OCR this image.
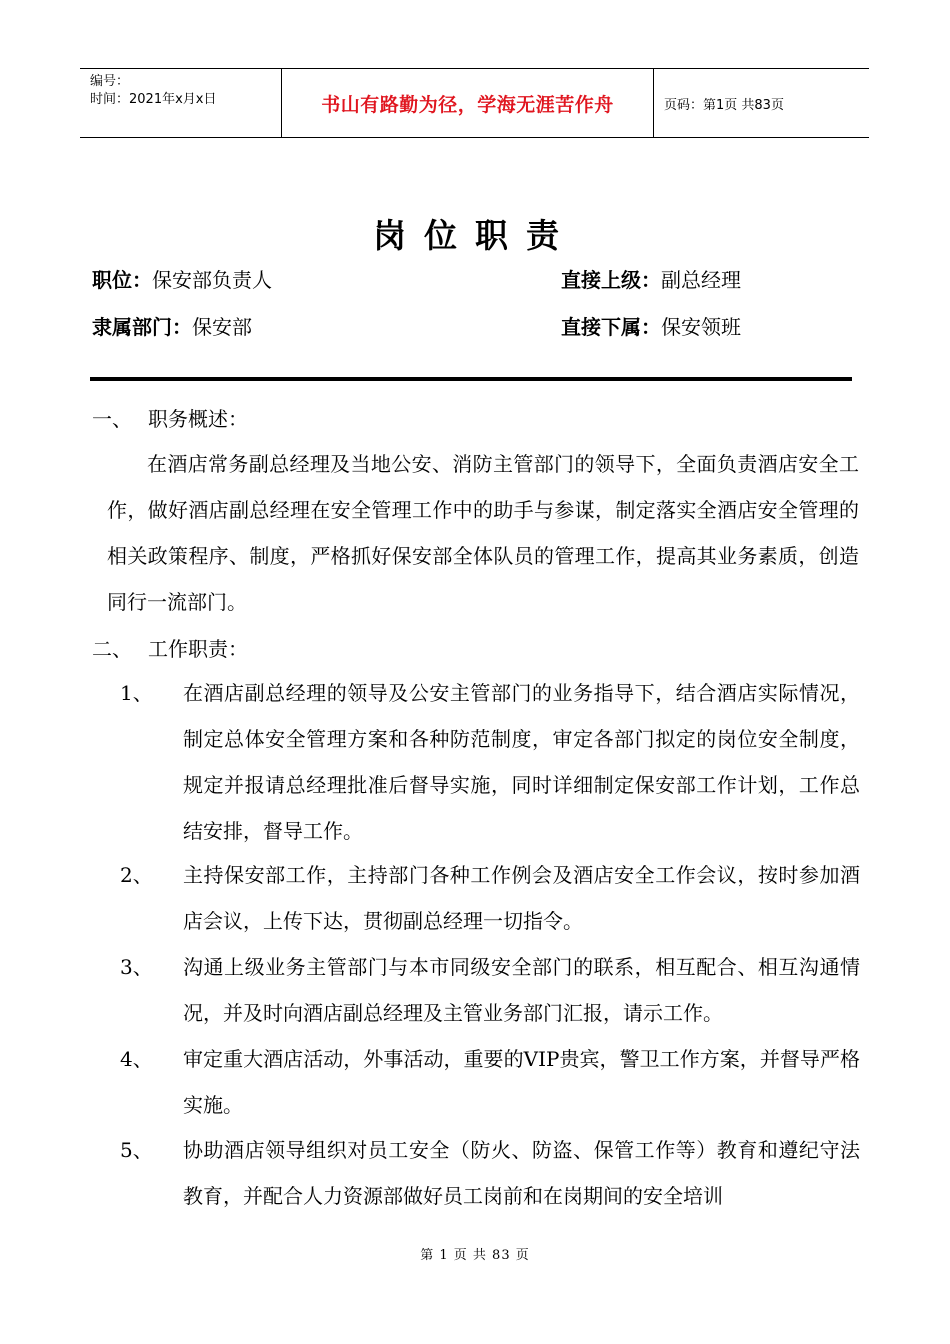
编号：
时间：2021年x月x日	书山有路勤为径，学海无涯苦作舟	页码：第1页 共83页
岗位职责
职位：保安部负责人	直接上级：副总经理
隶属部门：保安部	直接下属：保安领班
一、 职务概述：
在酒店常务副总经理及当地公安、消防主管部门的领导下，全面负责酒店安全工作，做好酒店副总经理在安全管理工作中的助手与参谋，制定落实全酒店安全管理的相关政策程序、制度，严格抓好保安部全体队员的管理工作，提高其业务素质，创造同行一流部门。
二、 工作职责：
1、	在酒店副总经理的领导及公安主管部门的业务指导下，结合酒店实际情况，制定总体安全管理方案和各种防范制度，审定各部门拟定的岗位安全制度，规定并报请总经理批准后督导实施，同时详细制定保安部工作计划，工作总结安排，督导工作。
2、	主持保安部工作，主持部门各种工作例会及酒店安全工作会议，按时参加酒店会议，上传下达，贯彻副总经理一切指令。
3、	沟通上级业务主管部门与本市同级安全部门的联系，相互配合、相互沟通情况，并及时向酒店副总经理及主管业务部门汇报，请示工作。
4、	审定重大酒店活动，外事活动，重要的VIP贵宾，警卫工作方案，并督导严格实施。
5、	协助酒店领导组织对员工安全（防火、防盗、保管工作等）教育和遵纪守法教育，并配合人力资源部做好员工岗前和在岗期间的安全培训
第 1 页 共 83 页
